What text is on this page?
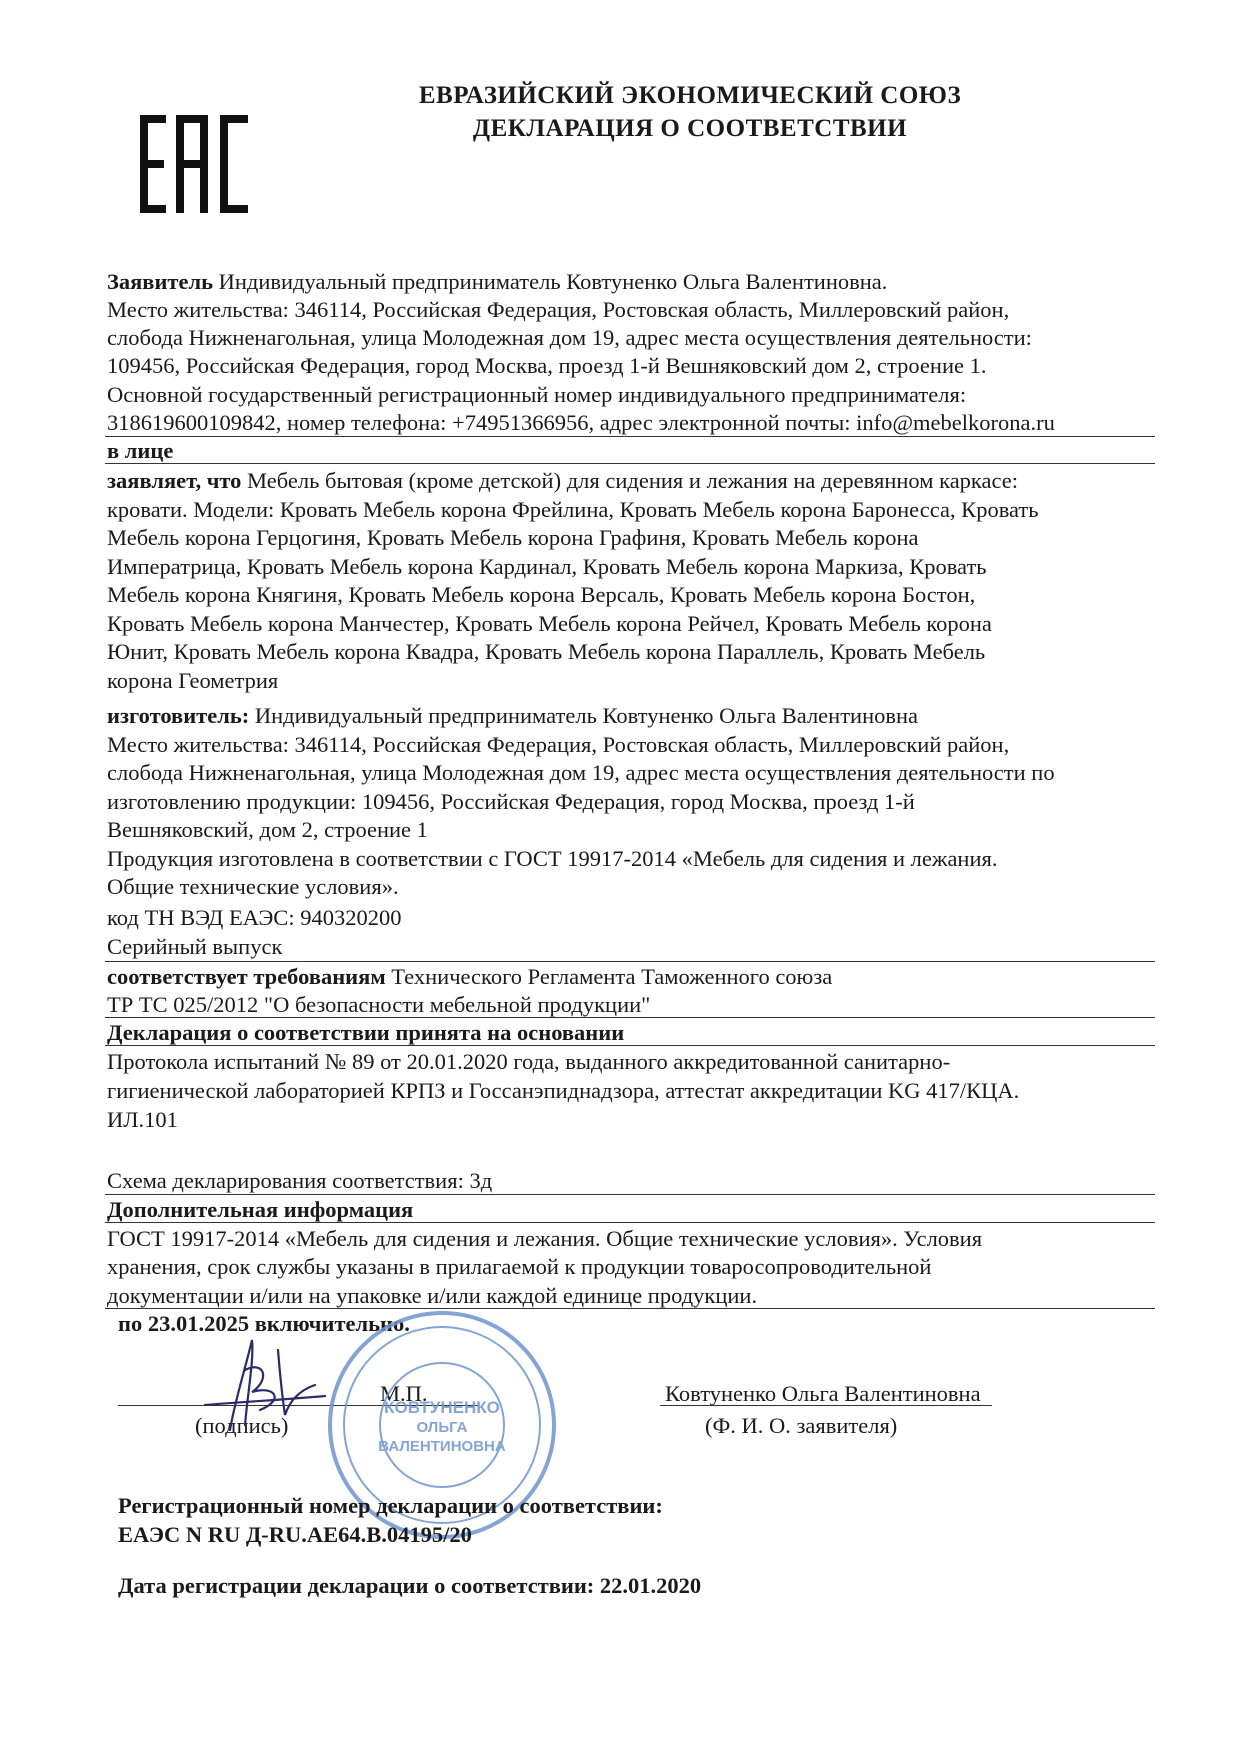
ЕВРАЗИЙСКИЙ ЭКОНОМИЧЕСКИЙ СОЮЗ
ДЕКЛАРАЦИЯ О СООТВЕТСТВИИ
Заявитель Индивидуальный предприниматель Ковтуненко Ольга Валентиновна.
Место жительства: 346114, Российская Федерация, Ростовская область, Миллеровский район,
слобода Нижненагольная, улица Молодежная дом 19, адрес места осуществления деятельности:
109456, Российская Федерация, город Москва, проезд 1-й Вешняковский дом 2, строение 1.
Основной государственный регистрационный номер индивидуального предпринимателя:
318619600109842, номер телефона: +74951366956, адрес электронной почты: info@mebelkorona.ru
в лице
заявляет, что Мебель бытовая (кроме детской) для сидения и лежания на деревянном каркасе:
кровати. Модели: Кровать Мебель корона Фрейлина, Кровать Мебель корона Баронесса, Кровать
Мебель корона Герцогиня, Кровать Мебель корона Графиня, Кровать Мебель корона
Императрица, Кровать Мебель корона Кардинал, Кровать Мебель корона Маркиза, Кровать
Мебель корона Княгиня, Кровать Мебель корона Версаль, Кровать Мебель корона Бостон,
Кровать Мебель корона Манчестер, Кровать Мебель корона Рейчел, Кровать Мебель корона
Юнит, Кровать Мебель корона Квадра, Кровать Мебель корона Параллель, Кровать Мебель
корона Геометрия
изготовитель: Индивидуальный предприниматель Ковтуненко Ольга Валентиновна
Место жительства: 346114, Российская Федерация, Ростовская область, Миллеровский район,
слобода Нижненагольная, улица Молодежная дом 19, адрес места осуществления деятельности по
изготовлению продукции: 109456, Российская Федерация, город Москва, проезд 1-й
Вешняковский, дом 2, строение 1
Продукция изготовлена в соответствии с ГОСТ 19917-2014 «Мебель для сидения и лежания.
Общие технические условия».
код ТН ВЭД ЕАЭС: 940320200
Серийный выпуск
соответствует требованиям Технического Регламента Таможенного союза
ТР ТС 025/2012 "О безопасности мебельной продукции"
Декларация о соответствии принята на основании
Протокола испытаний № 89 от 20.01.2020 года, выданного аккредитованной санитарно-
гигиенической лабораторией КРПЗ и Госсанэпиднадзора, аттестат аккредитации KG 417/КЦА.
ИЛ.101
Схема декларирования соответствия: 3д
Дополнительная информация
ГОСТ 19917-2014 «Мебель для сидения и лежания. Общие технические условия». Условия
хранения, срок службы указаны в прилагаемой к продукции товаросопроводительной
документации и/или на упаковке и/или каждой единице продукции.
по 23.01.2025 включительно.
М.П.
(подпись)
Ковтуненко Ольга Валентиновна
(Ф. И. О. заявителя)
КОВТУНЕНКО
ОЛЬГА
ВАЛЕНТИНОВНА
Регистрационный номер декларации о соответствии:
ЕАЭС N RU Д-RU.АЕ64.В.04195/20
Дата регистрации декларации о соответствии: 22.01.2020
